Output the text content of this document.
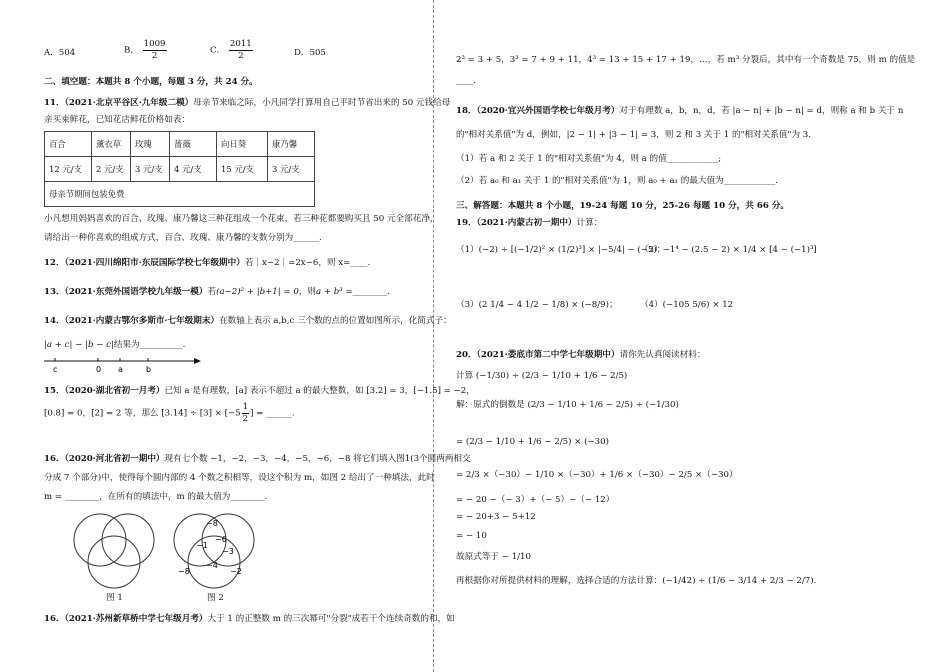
A．504	B． $\frac{1009}{2}$	C． $\frac{2011}{2}$	D．505
二、填空题：本题共 8 个小题，每题 3 分，共 24 分。
11．（2021·北京平谷区·九年级二模）母亲节来临之际，小凡同学打算用自己平时节省出来的 50 元钱给母
亲买束鲜花，已知花店鲜花价格如表：
百合	薰衣草	玫瑰	蔷薇	向日葵	康乃馨
12 元/支	2 元/支	3 元/支	4 元/支	15 元/支	3 元/支
母亲节期间包装免费					
小凡想用妈妈喜欢的百合、玫瑰、康乃馨这三种花组成一个花束，若三种花都要购买且 50 元全部花净，
请给出一种你喜欢的组成方式，百合、玫瑰、康乃馨的支数分别为______.
12．（2021·四川绵阳市·东辰国际学校七年级期中）若｜x−2｜=2x−6，则 x=____.
13．（2021·东莞外国语学校九年级一模）若(a−2)² + |b+1| = 0，则a + b³ =________.
14．（2021·内蒙古鄂尔多斯市·七年级期末）在数轴上表示 a,b,c 三个数的点的位置如图所示，化简式子：
|a + c| − |b − c|结果为__________.
c	0 a	b
15．（2020·湖北省初一月考）已知 a 是有理数，[a] 表示不超过 a 的最大整数，如 [3.2] = 3，[−1.5] = −2，
[0.8] = 0，[2] = 2 等，那么 $[3.14] \div [3] \times [-5 \frac{1}{2}$ ] = ______.
16．（2020·河北省初一期中）现有七个数 −1，−2，−3，−4，−5，−6，−8 将它们填入图1(3个圆两两相交
分成 7 个部分)中，使得每个圆内部的 4 个数之积相等，设这个积为 m，如图 2 给出了一种填法，此时
m = ________，在所有的填法中，m 的最大值为________.
图 1
−8
−1
−6
−3
−8
−4
−2
图 2
16．（2021·苏州新草桥中学七年级月考）大于 1 的正整数 m 的三次幂可"分裂"成若干个连续奇数的和，如
2³ = 3 + 5，3³ = 7 + 9 + 11，4³ = 13 + 15 + 17 + 19，…，若 m³ 分裂后，其中有一个奇数是 75，则 m 的值是
____.
18．（2020·宜兴外国语学校七年级月考）对于有理数 a，b，n，d，若 |a − n| + |b − n| = d，则称 a 和 b 关于 n
的"相对关系值"为 d，例如，|2 − 1| + |3 − 1| = 3，则 2 和 3 关于 1 的"相对关系值"为 3.
（1）若 a 和 2 关于 1 的"相对关系值"为 4，则 a 的值____________;
（2）若 a₀ 和 a₁ 关于 1 的"相对关系值"为 1，则 a₀ + a₁ 的最大值为____________.
三、解答题：本题共 8 个小题，19-24 每题 10 分，25-26 每题 10 分，共 66 分。
19．（2021·内蒙古初一期中）计算：
（1）(−2) ÷ [(−1/2)² × (1/2)³] × |−5/4| − (−5)；
（2）−1⁴ − (2.5 − 2) × 1/4 × [4 − (−1)³]
（3）(2 1/4 − 4 1/2 − 1/8) × (−8/9)；	（4）(−105 5/6) × 12
20．（2021·娄底市第二中学七年级期中）请你先认真阅读材料：
计算 (−1/30) ÷ (2/3 − 1/10 + 1/6 − 2/5)
解：原式的倒数是 (2/3 − 1/10 + 1/6 − 2/5) ÷ (−1/30)
= (2/3 − 1/10 + 1/6 − 2/5) × (−30)
= 2/3 ×（−30）− 1/10 ×（−30）+ 1/6 ×（−30）− 2/5 ×（−30）
= − 20 −（− 3）+（− 5）−（− 12）
= − 20+3 − 5+12
= − 10
故原式等于 − 1/10
再根据你对所提供材料的理解，选择合适的方法计算：(−1/42) ÷ (1/6 − 3/14 + 2/3 − 2/7).
